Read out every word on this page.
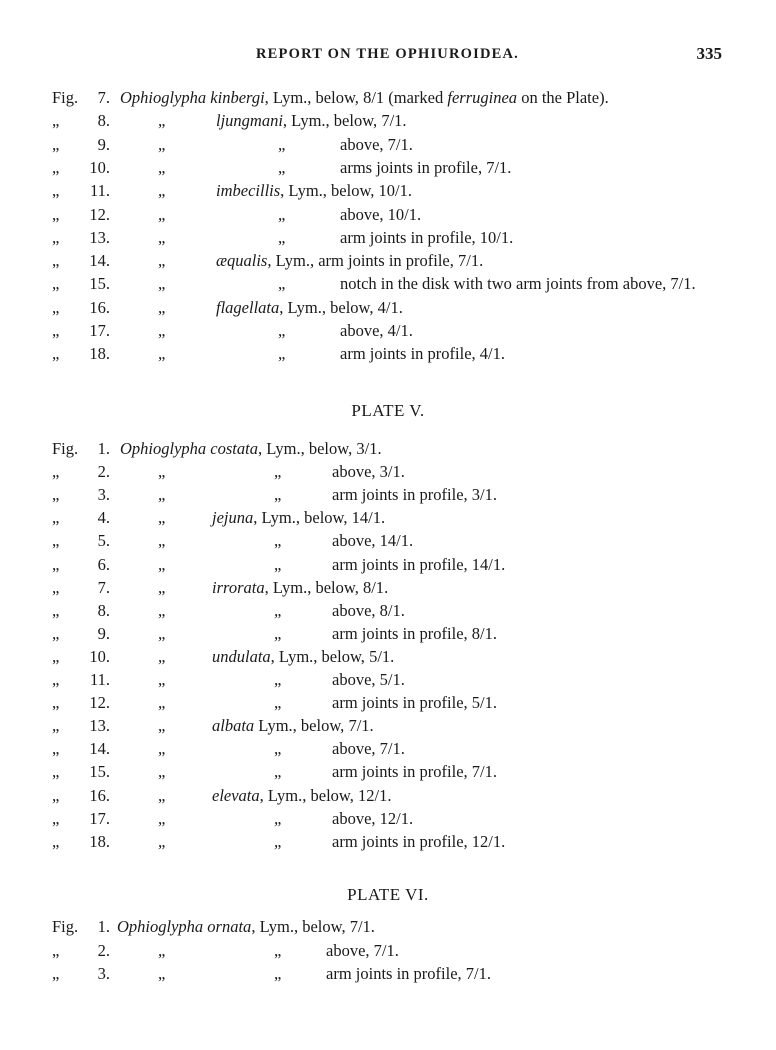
REPORT ON THE OPHIUROIDEA.	335
Fig.	7. Ophioglypha kinbergi, Lym., below, 8/1 (marked ferruginea on the Plate).
„	8.	„	ljungmani, Lym., below, 7/1.
„	9.	„	„	above, 7/1.
„	10.	„	„	arms joints in profile, 7/1.
„	11.	„	imbecillis, Lym., below, 10/1.
„	12.	„	„	above, 10/1.
„	13.	„	„	arm joints in profile, 10/1.
„	14.	„	æqualis, Lym., arm joints in profile, 7/1.
„	15.	„	„	notch in the disk with two arm joints from above, 7/1.
„	16.	„	flagellata, Lym., below, 4/1.
„	17.	„	„	above, 4/1.
„	18.	„	„	arm joints in profile, 4/1.
PLATE V.
Fig.	1. Ophioglypha costata, Lym., below, 3/1.
„	2.	„	„	above, 3/1.
„	3.	„	„	arm joints in profile, 3/1.
„	4.	„	jejuna, Lym., below, 14/1.
„	5.	„	„	above, 14/1.
„	6.	„	„	arm joints in profile, 14/1.
„	7.	„	irrorata, Lym., below, 8/1.
„	8.	„	„	above, 8/1.
„	9.	„	„	arm joints in profile, 8/1.
„	10.	„	undulata, Lym., below, 5/1.
„	11.	„	„	above, 5/1.
„	12.	„	„	arm joints in profile, 5/1.
„	13.	„	albata Lym., below, 7/1.
„	14.	„	„	above, 7/1.
„	15.	„	„	arm joints in profile, 7/1.
„	16.	„	elevata, Lym., below, 12/1.
„	17.	„	„	above, 12/1.
„	18.	„	„	arm joints in profile, 12/1.
PLATE VI.
Fig.	1. Ophioglypha ornata, Lym., below, 7/1.
„	2.	„	„	above, 7/1.
„	3.	„	„	arm joints in profile, 7/1.
